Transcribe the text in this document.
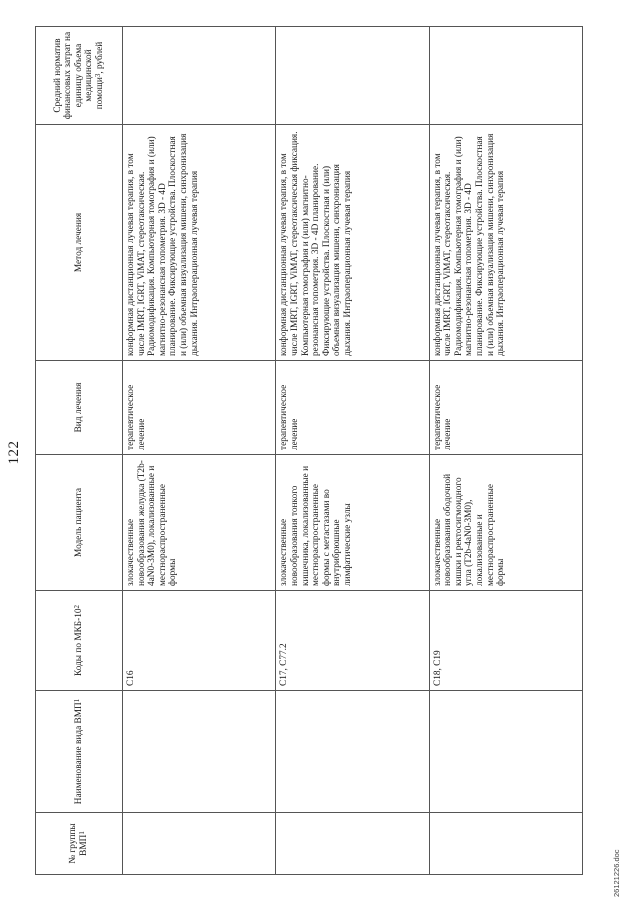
122
№ группы ВМП$^1$	Наименование вида ВМП$^1$	Коды по МКБ-$10^2$	Модель пациента	Вид лечения	Метод лечения	Средний норматив финансовых затрат на единицу объема медицинской помощи$^3$, рублей
		С16	злокачественные новообразования желудка (T2b-4aN0-3M0), локализованные и местнораспространенные формы	терапевтическое лечение	конформная дистанционная лучевая терапия, в том числе IMRT, IGRT, ViMAT, стереотаксическая. Радиомодификация. Компьютерная томография и (или) магнитно-резонансная топометрия. 3D - 4D планирование. Фиксирующие устройства. Плоскостная и (или) объемная визуализация мишени, синхронизация дыхания. Интраоперационная лучевая терапия	
		С17, С77.2	злокачественные новообразования тонкого кишечника, локализованные и местнораспространенные формы с метастазами во внутрибрюшные лимфатические узлы	терапевтическое лечение	конформная дистанционная лучевая терапия, в том числе IMRT, IGRT, ViMAT, стереотаксическая фиксация. Компьютерная томография и (или) магнитно-резонансная топометрия. 3D - 4D планирование. Фиксирующие устройства. Плоскостная и (или) объемная визуализация мишени, синхронизация дыхания. Интраоперационная лучевая терапия	
		С18, С19	злокачественные новообразования ободочной кишки и ректосигмоидного угла (T2b-4aN0-3M0), локализованные и местнораспространенные формы	терапевтическое лечение	конформная дистанционная лучевая терапия, в том числе IMRT, IGRT, ViMAT, стереотаксическая. Радиомодификация. Компьютерная томография и (или) магнитно-резонансная топометрия. 3D - 4D планирование. Фиксирующие устройства. Плоскостная и (или) объемная визуализация мишени, синхронизация дыхания. Интраоперационная лучевая терапия	
26121226.doc
